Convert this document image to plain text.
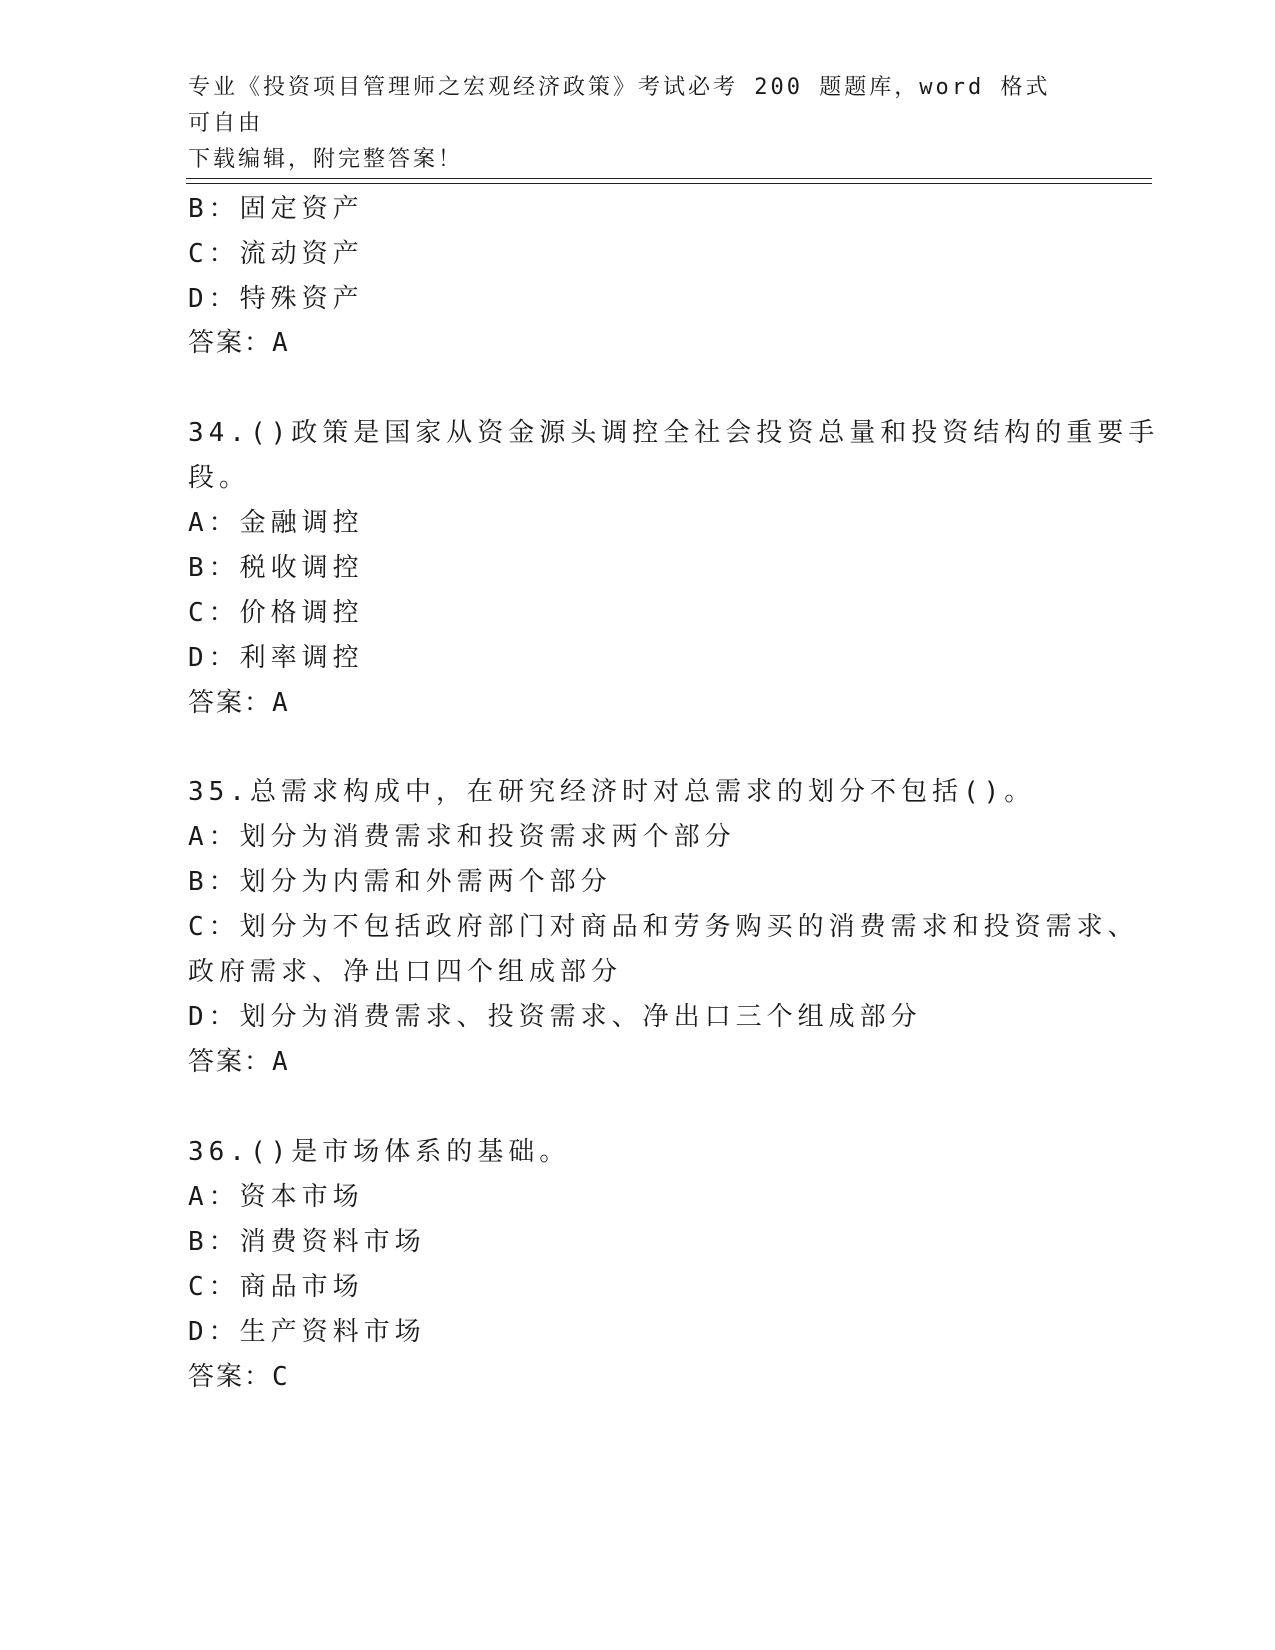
专业《投资项目管理师之宏观经济政策》考试必考 200 题题库，word 格式可自由
下载编辑，附完整答案！
B：固定资产
C：流动资产
D：特殊资产
答案：A
34.()政策是国家从资金源头调控全社会投资总量和投资结构的重要手
段。
A：金融调控
B：税收调控
C：价格调控
D：利率调控
答案：A
35.总需求构成中，在研究经济时对总需求的划分不包括()。
A：划分为消费需求和投资需求两个部分
B：划分为内需和外需两个部分
C：划分为不包括政府部门对商品和劳务购买的消费需求和投资需求、
政府需求、净出口四个组成部分
D：划分为消费需求、投资需求、净出口三个组成部分
答案：A
36.()是市场体系的基础。
A：资本市场
B：消费资料市场
C：商品市场
D：生产资料市场
答案：C
